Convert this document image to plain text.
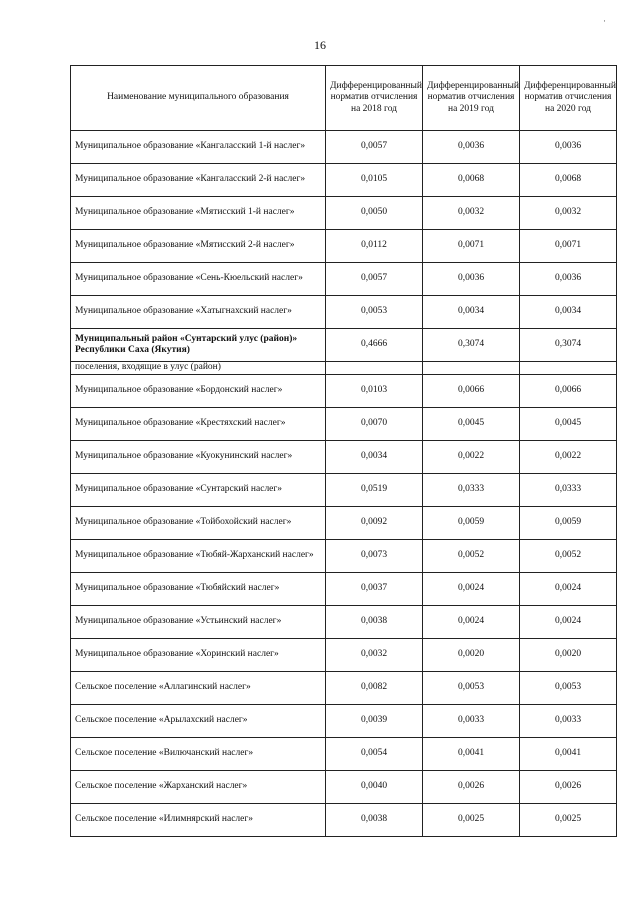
16
·
Наименование муниципального образования	Дифференцированный норматив отчисления на 2018 год	Дифференцированный норматив отчисления на 2019 год	Дифференцированный норматив отчисления на 2020 год
Муниципальное образование «Кангаласский 1-й наслег»	0,0057	0,0036	0,0036
Муниципальное образование «Кангаласский 2-й наслег»	0,0105	0,0068	0,0068
Муниципальное образование «Мятисский 1-й наслег»	0,0050	0,0032	0,0032
Муниципальное образование «Мятисский 2-й наслег»	0,0112	0,0071	0,0071
Муниципальное образование «Сень-Кюельский наслег»	0,0057	0,0036	0,0036
Муниципальное образование «Хатыгнахский наслег»	0,0053	0,0034	0,0034
Муниципальный район «Сунтарский улус (район)» Республики Саха (Якутия)	0,4666	0,3074	0,3074
поселения, входящие в улус (район)			
Муниципальное образование «Бордонский наслег»	0,0103	0,0066	0,0066
Муниципальное образование «Крестяхский наслег»	0,0070	0,0045	0,0045
Муниципальное образование «Куокунинский наслег»	0,0034	0,0022	0,0022
Муниципальное образование «Сунтарский наслег»	0,0519	0,0333	0,0333
Муниципальное образование «Тойбохойский наслег»	0,0092	0,0059	0,0059
Муниципальное образование «Тюбяй-Жарханский наслег»	0,0073	0,0052	0,0052
Муниципальное образование «Тюбяйский наслег»	0,0037	0,0024	0,0024
Муниципальное образование «Устьинский наслег»	0,0038	0,0024	0,0024
Муниципальное образование «Хоринский наслег»	0,0032	0,0020	0,0020
Сельское поселение «Аллагинский наслег»	0,0082	0,0053	0,0053
Сельское поселение «Арылахский наслег»	0,0039	0,0033	0,0033
Сельское поселение «Вилючанский наслег»	0,0054	0,0041	0,0041
Сельское поселение «Жарханский наслег»	0,0040	0,0026	0,0026
Сельское поселение «Илимнярский наслег»	0,0038	0,0025	0,0025
